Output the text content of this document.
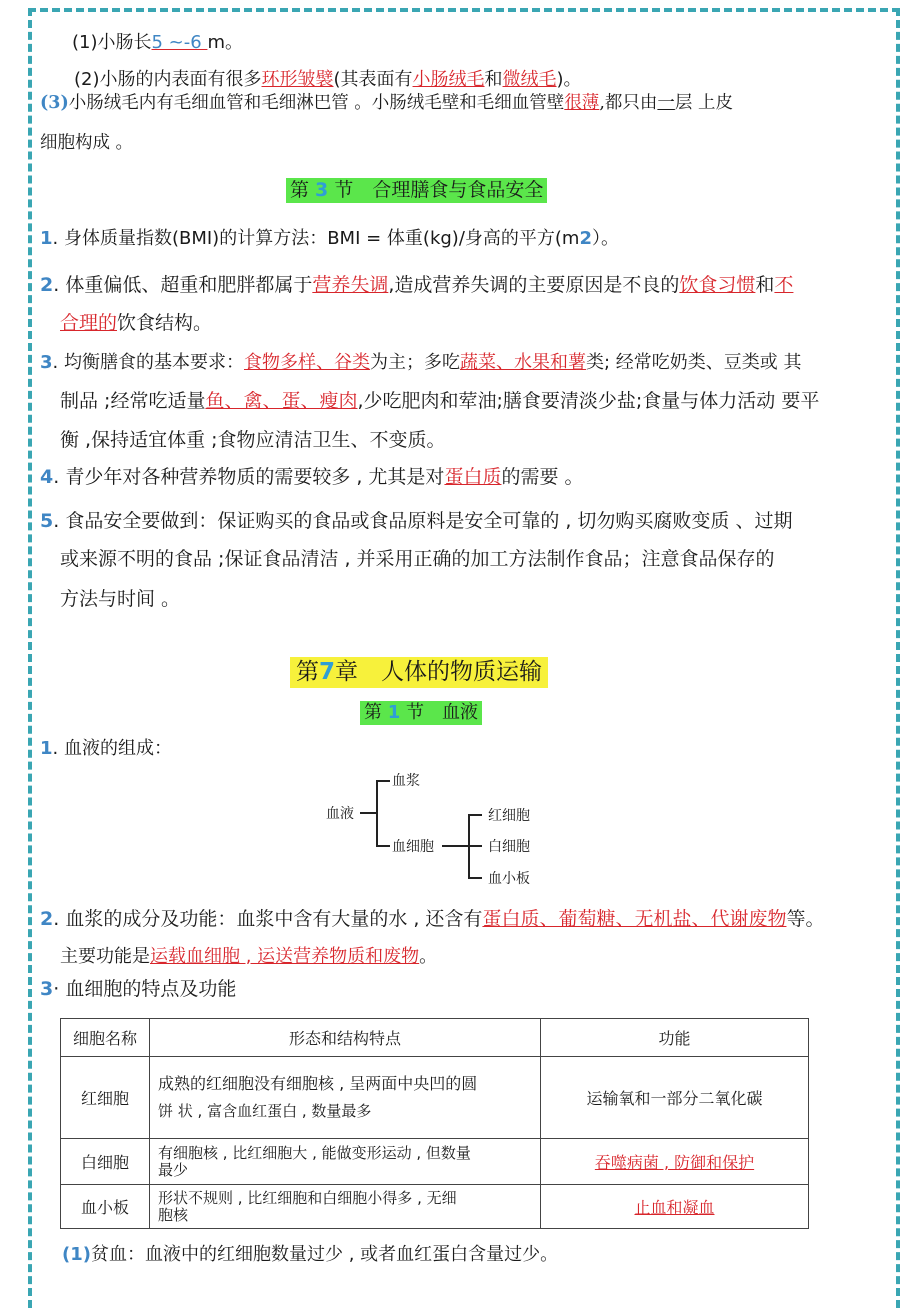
(1)小肠长5 ~-6 m。
(2)小肠的内表面有很多环形皱襞(其表面有小肠绒毛和微绒毛)。
(3)小肠绒毛内有毛细血管和毛细淋巴管 。小肠绒毛壁和毛细血管壁很薄,都只由一层 上皮
细胞构成 。
第 3 节　合理膳食与食品安全
1. 身体质量指数(BMI)的计算方法：BMI = 体重(kg)/身高的平方(m2）。
2. 体重偏低、超重和肥胖都属于营养失调,造成营养失调的主要原因是不良的饮食习惯和不
合理的饮食结构。
3. 均衡膳食的基本要求：食物多样、谷类为主；多吃蔬菜、水果和薯类; 经常吃奶类、豆类或 其
制品 ;经常吃适量鱼、禽、蛋、瘦肉,少吃肥肉和荤油;膳食要清淡少盐;食量与体力活动 要平
衡 ,保持适宜体重 ;食物应清洁卫生、不变质。
4. 青少年对各种营养物质的需要较多 , 尤其是对蛋白质的需要 。
5. 食品安全要做到：保证购买的食品或食品原料是安全可靠的 , 切勿购买腐败变质 、过期
或来源不明的食品 ;保证食品清洁 , 并采用正确的加工方法制作食品；注意食品保存的
方法与时间 。
第7章　人体的物质运输
第 1 节　血液
1. 血液的组成：
血液
血浆
血细胞
红细胞
白细胞
血小板
2. 血浆的成分及功能：血浆中含有大量的水 , 还含有蛋白质、葡萄糖、无机盐、代谢废物等。
主要功能是运载血细胞 , 运送营养物质和废物。
3· 血细胞的特点及功能
细胞名称	形态和结构特点	功能
红细胞	成熟的红细胞没有细胞核 , 呈两面中央凹的圆
饼 状 , 富含血红蛋白 , 数量最多	运输氧和一部分二氧化碳
白细胞	有细胞核 , 比红细胞大 , 能做变形运动 , 但数量
最少	吞噬病菌 , 防御和保护
血小板	形状不规则 , 比红细胞和白细胞小得多 , 无细
胞核	止血和凝血
(1)贫血：血液中的红细胞数量过少 , 或者血红蛋白含量过少。
